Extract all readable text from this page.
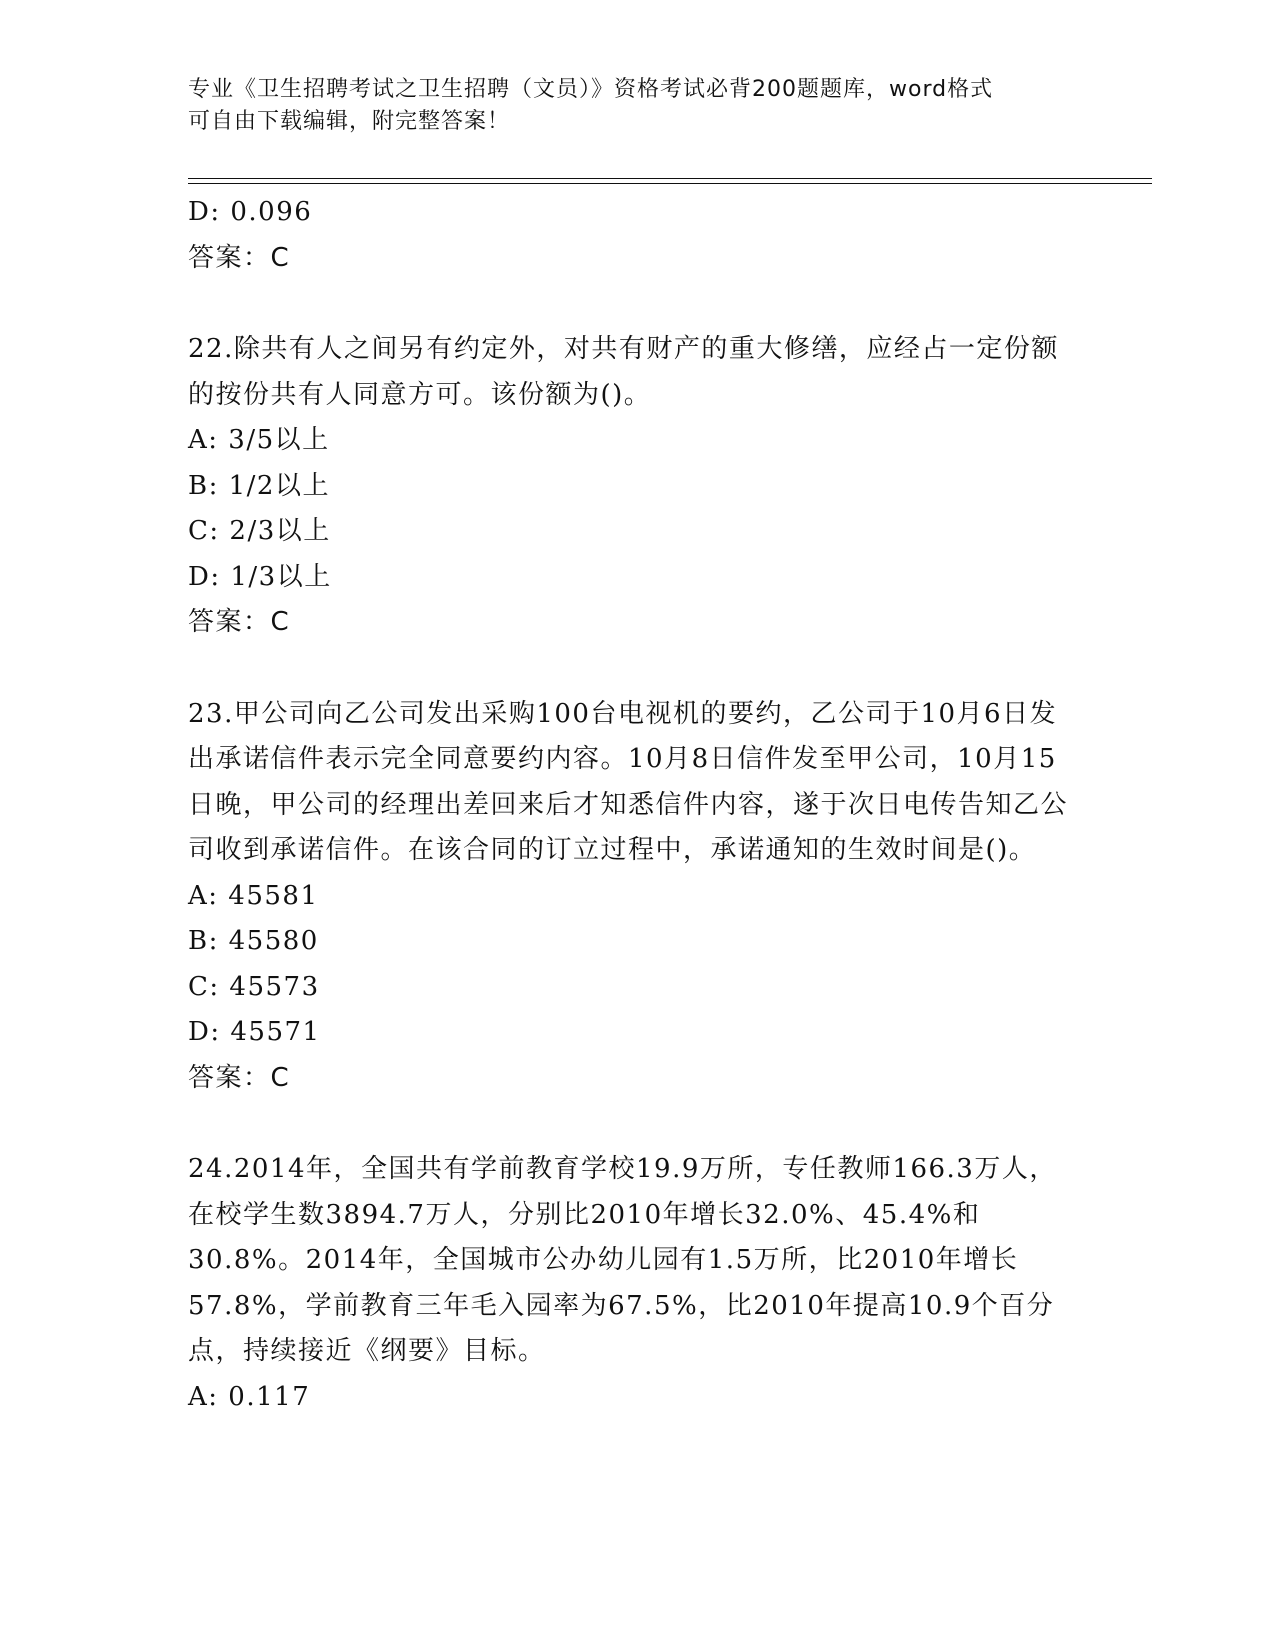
专业《卫生招聘考试之卫生招聘（文员）》资格考试必背200题题库，word格式
可自由下载编辑，附完整答案！
D: 0.096
答案：C
22.除共有人之间另有约定外，对共有财产的重大修缮，应经占一定份额的按份共有人同意方可。该份额为()。
A: 3/5以上
B: 1/2以上
C: 2/3以上
D: 1/3以上
答案：C
23.甲公司向乙公司发出采购100台电视机的要约，乙公司于10月6日发出承诺信件表示完全同意要约内容。10月8日信件发至甲公司，10月15日晚，甲公司的经理出差回来后才知悉信件内容，遂于次日电传告知乙公司收到承诺信件。在该合同的订立过程中，承诺通知的生效时间是()。
A: 45581
B: 45580
C: 45573
D: 45571
答案：C
24.2014年，全国共有学前教育学校19.9万所，专任教师166.3万人，在校学生数3894.7万人，分别比2010年增长32.0%、45.4%和30.8%。2014年，全国城市公办幼儿园有1.5万所，比2010年增长57.8%，学前教育三年毛入园率为67.5%，比2010年提高10.9个百分点，持续接近《纲要》目标。
A: 0.117
